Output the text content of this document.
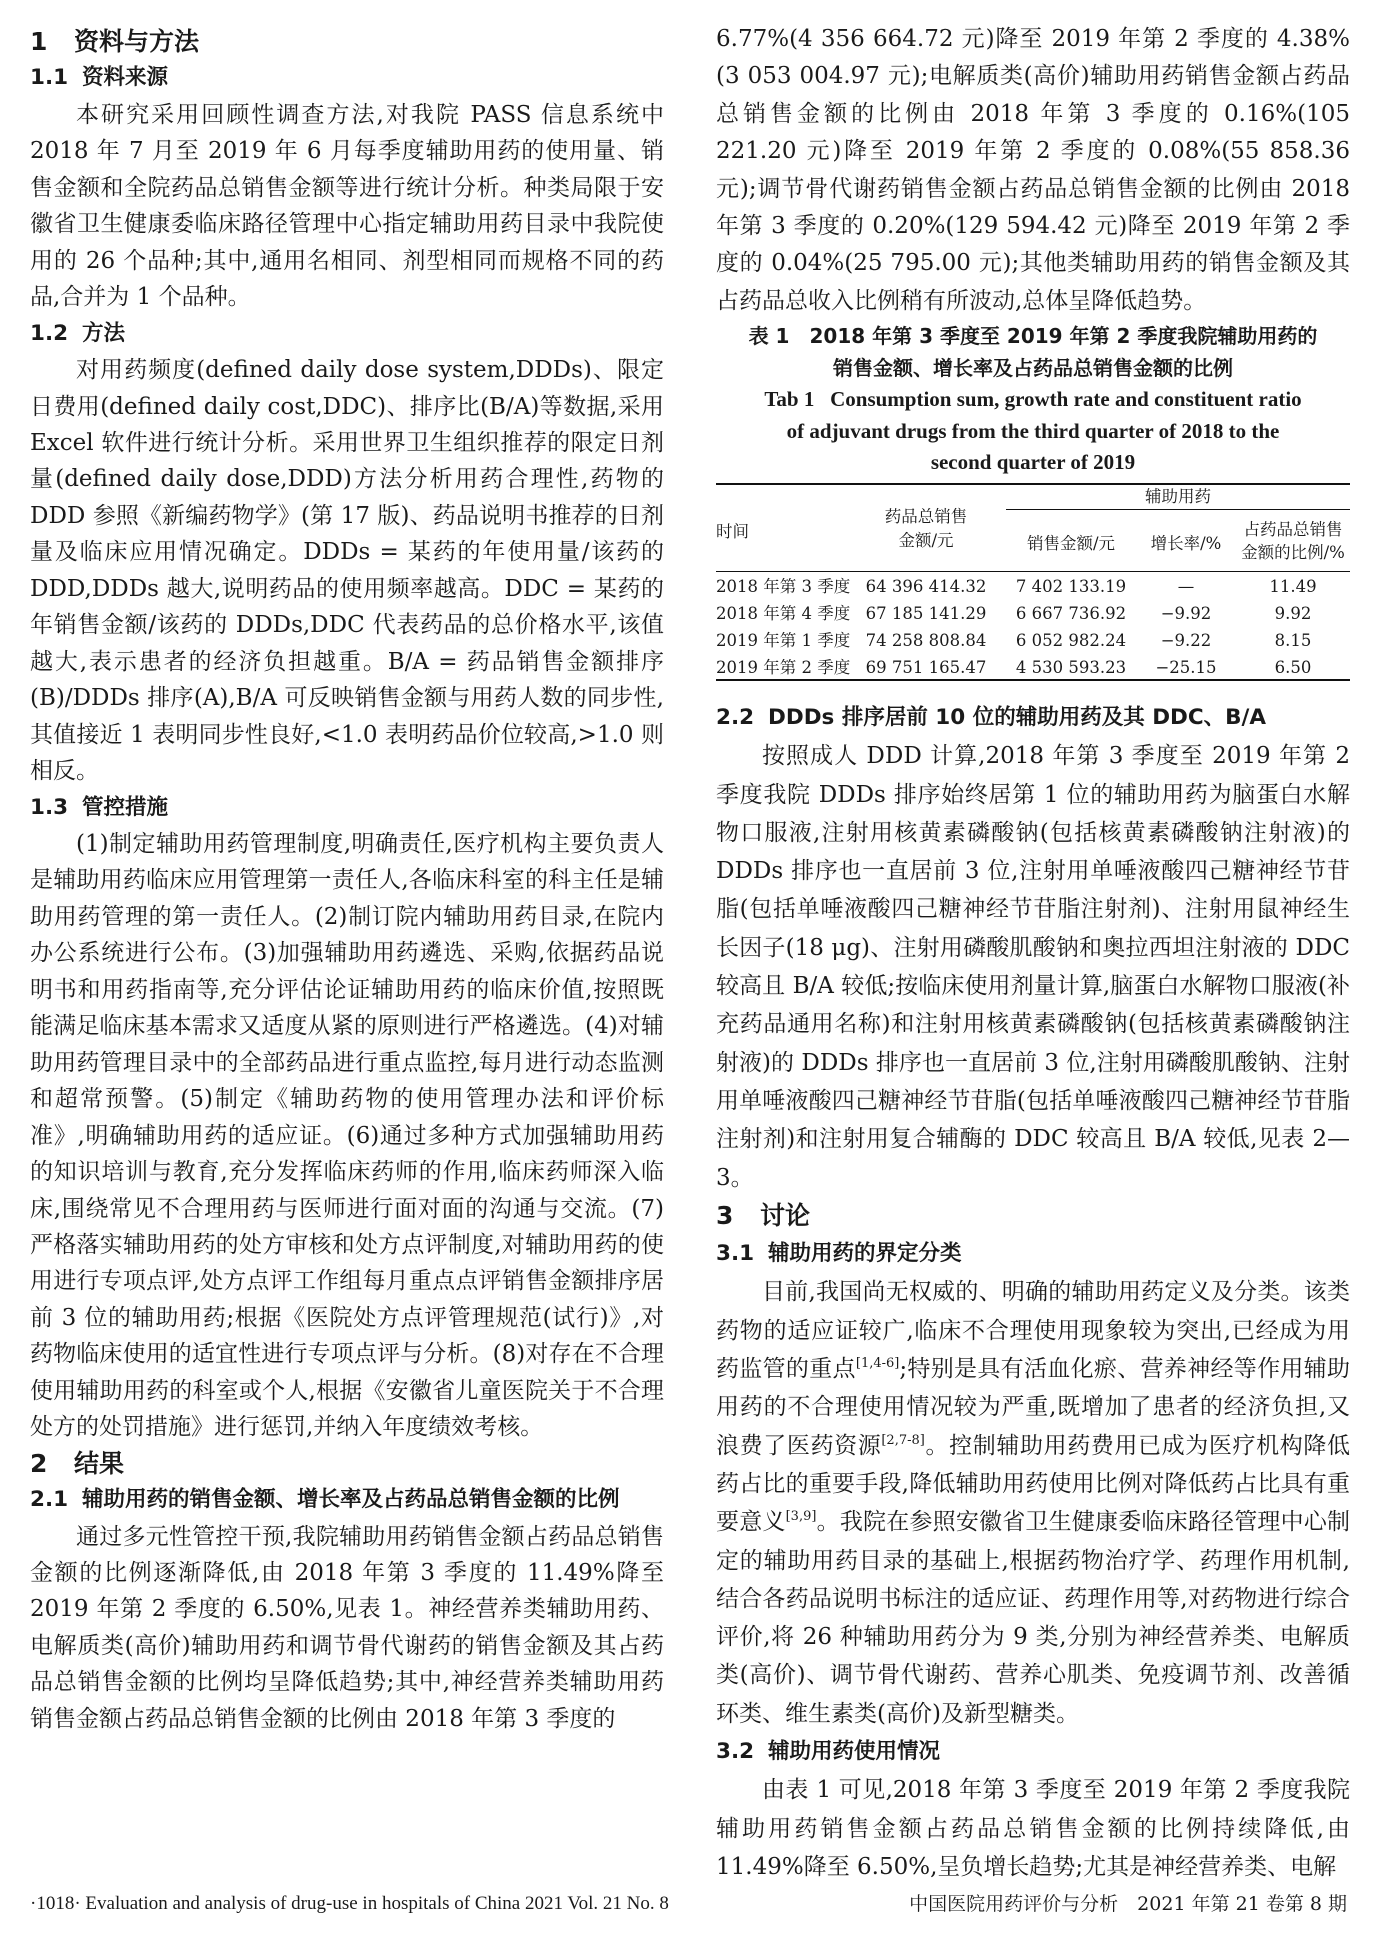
1 资料与方法
1.1 资料来源

本研究采用回顾性调查方法,对我院 PASS 信息系统中 2018 年 7 月至 2019 年 6 月每季度辅助用药的使用量、销售金额和全院药品总销售金额等进行统计分析。种类局限于安徽省卫生健康委临床路径管理中心指定辅助用药目录中我院使用的 26 个品种;其中,通用名相同、剂型相同而规格不同的药品,合并为 1 个品种。

1.2 方法

对用药频度(defined daily dose system,DDDs)、限定日费用(defined daily cost,DDC)、排序比(B/A)等数据,采用 Excel 软件进行统计分析。采用世界卫生组织推荐的限定日剂量(defined daily dose,DDD)方法分析用药合理性,药物的 DDD 参照《新编药物学》(第 17 版)、药品说明书推荐的日剂量及临床应用情况确定。DDDs = 某药的年使用量/该药的 DDD,DDDs 越大,说明药品的使用频率越高。DDC = 某药的年销售金额/该药的 DDDs,DDC 代表药品的总价格水平,该值越大,表示患者的经济负担越重。B/A = 药品销售金额排序(B)/DDDs 排序(A),B/A 可反映销售金额与用药人数的同步性,其值接近 1 表明同步性良好,<1.0 表明药品价位较高,>1.0 则相反。

1.3 管控措施

(1)制定辅助用药管理制度,明确责任,医疗机构主要负责人是辅助用药临床应用管理第一责任人,各临床科室的科主任是辅助用药管理的第一责任人。(2)制订院内辅助用药目录,在院内办公系统进行公布。(3)加强辅助用药遴选、采购,依据药品说明书和用药指南等,充分评估论证辅助用药的临床价值,按照既能满足临床基本需求又适度从紧的原则进行严格遴选。(4)对辅助用药管理目录中的全部药品进行重点监控,每月进行动态监测和超常预警。(5)制定《辅助药物的使用管理办法和评价标准》,明确辅助用药的适应证。(6)通过多种方式加强辅助用药的知识培训与教育,充分发挥临床药师的作用,临床药师深入临床,围绕常见不合理用药与医师进行面对面的沟通与交流。(7)严格落实辅助用药的处方审核和处方点评制度,对辅助用药的使用进行专项点评,处方点评工作组每月重点点评销售金额排序居前 3 位的辅助用药;根据《医院处方点评管理规范(试行)》,对药物临床使用的适宜性进行专项点评与分析。(8)对存在不合理使用辅助用药的科室或个人,根据《安徽省儿童医院关于不合理处方的处罚措施》进行惩罚,并纳入年度绩效考核。

2 结果
2.1 辅助用药的销售金额、增长率及占药品总销售金额的比例

通过多元性管控干预,我院辅助用药销售金额占药品总销售金额的比例逐渐降低,由 2018 年第 3 季度的 11.49%降至 2019 年第 2 季度的 6.50%,见表 1。神经营养类辅助用药、电解质类(高价)辅助用药和调节骨代谢药的销售金额及其占药品总销售金额的比例均呈降低趋势;其中,神经营养类辅助用药销售金额占药品总销售金额的比例由 2018 年第 3 季度的

6.77%(4 356 664.72 元)降至 2019 年第 2 季度的 4.38%(3 053 004.97 元);电解质类(高价)辅助用药销售金额占药品总销售金额的比例由 2018 年第 3 季度的 0.16%(105 221.20 元)降至 2019 年第 2 季度的 0.08%(55 858.36 元);调节骨代谢药销售金额占药品总销售金额的比例由 2018 年第 3 季度的 0.20%(129 594.42 元)降至 2019 年第 2 季度的 0.04%(25 795.00 元);其他类辅助用药的销售金额及其占药品总收入比例稍有所波动,总体呈降低趋势。

表 1　 2018 年第 3 季度至 2019 年第 2 季度我院辅助用药的
销售金额、增长率及占药品总销售金额的比例
Tab 1 Consumption sum, growth rate and constituent ratio
of adjuvant drugs from the third quarter of 2018 to the
second quarter of 2019
时间
药品总销售
金额/元
辅助用药
销售金额/元	增长率/%
占药品总销售
金额的比例/%
2018 年第 3 季度 64 396 414.32	7 402 133.19	—	11.49
2018 年第 4 季度 67 185 141.29	6 667 736.92	−9.92	9.92
2019 年第 1 季度 74 258 808.84	6 052 982.24	−9.22	8.15
2019 年第 2 季度 69 751 165.47	4 530 593.23	−25.15	6.50
2.2 DDDs 排序居前 10 位的辅助用药及其 DDC、B/A

按照成人 DDD 计算,2018 年第 3 季度至 2019 年第 2 季度我院 DDDs 排序始终居第 1 位的辅助用药为脑蛋白水解物口服液,注射用核黄素磷酸钠(包括核黄素磷酸钠注射液)的 DDDs 排序也一直居前 3 位,注射用单唾液酸四己糖神经节苷脂(包括单唾液酸四己糖神经节苷脂注射剂)、注射用鼠神经生长因子(18 μg)、注射用磷酸肌酸钠和奥拉西坦注射液的 DDC 较高且 B/A 较低;按临床使用剂量计算,脑蛋白水解物口服液(补充药品通用名称)和注射用核黄素磷酸钠(包括核黄素磷酸钠注射液)的 DDDs 排序也一直居前 3 位,注射用磷酸肌酸钠、注射用单唾液酸四己糖神经节苷脂(包括单唾液酸四己糖神经节苷脂注射剂)和注射用复合辅酶的 DDC 较高且 B/A 较低,见表 2—3。

3 讨论
3.1 辅助用药的界定分类

目前,我国尚无权威的、明确的辅助用药定义及分类。该类药物的适应证较广,临床不合理使用现象较为突出,已经成为用药监管的重点[1,4-6];特别是具有活血化瘀、营养神经等作用辅助用药的不合理使用情况较为严重,既增加了患者的经济负担,又浪费了医药资源[2,7-8]。控制辅助用药费用已成为医疗机构降低药占比的重要手段,降低辅助用药使用比例对降低药占比具有重要意义[3,9]。我院在参照安徽省卫生健康委临床路径管理中心制定的辅助用药目录的基础上,根据药物治疗学、药理作用机制,结合各药品说明书标注的适应证、药理作用等,对药物进行综合评价,将 26 种辅助用药分为 9 类,分别为神经营养类、电解质类(高价)、调节骨代谢药、营养心肌类、免疫调节剂、改善循环类、维生素类(高价)及新型糖类。

3.2 辅助用药使用情况

由表 1 可见,2018 年第 3 季度至 2019 年第 2 季度我院辅助用药销售金额占药品总销售金额的比例持续降低,由 11.49%降至 6.50%,呈负增长趋势;尤其是神经营养类、电解

·1018· Evaluation and analysis of drug-use in hospitals of China 2021 Vol. 21 No. 8	中国医院用药评价与分析　2021 年第 21 卷第 8 期
